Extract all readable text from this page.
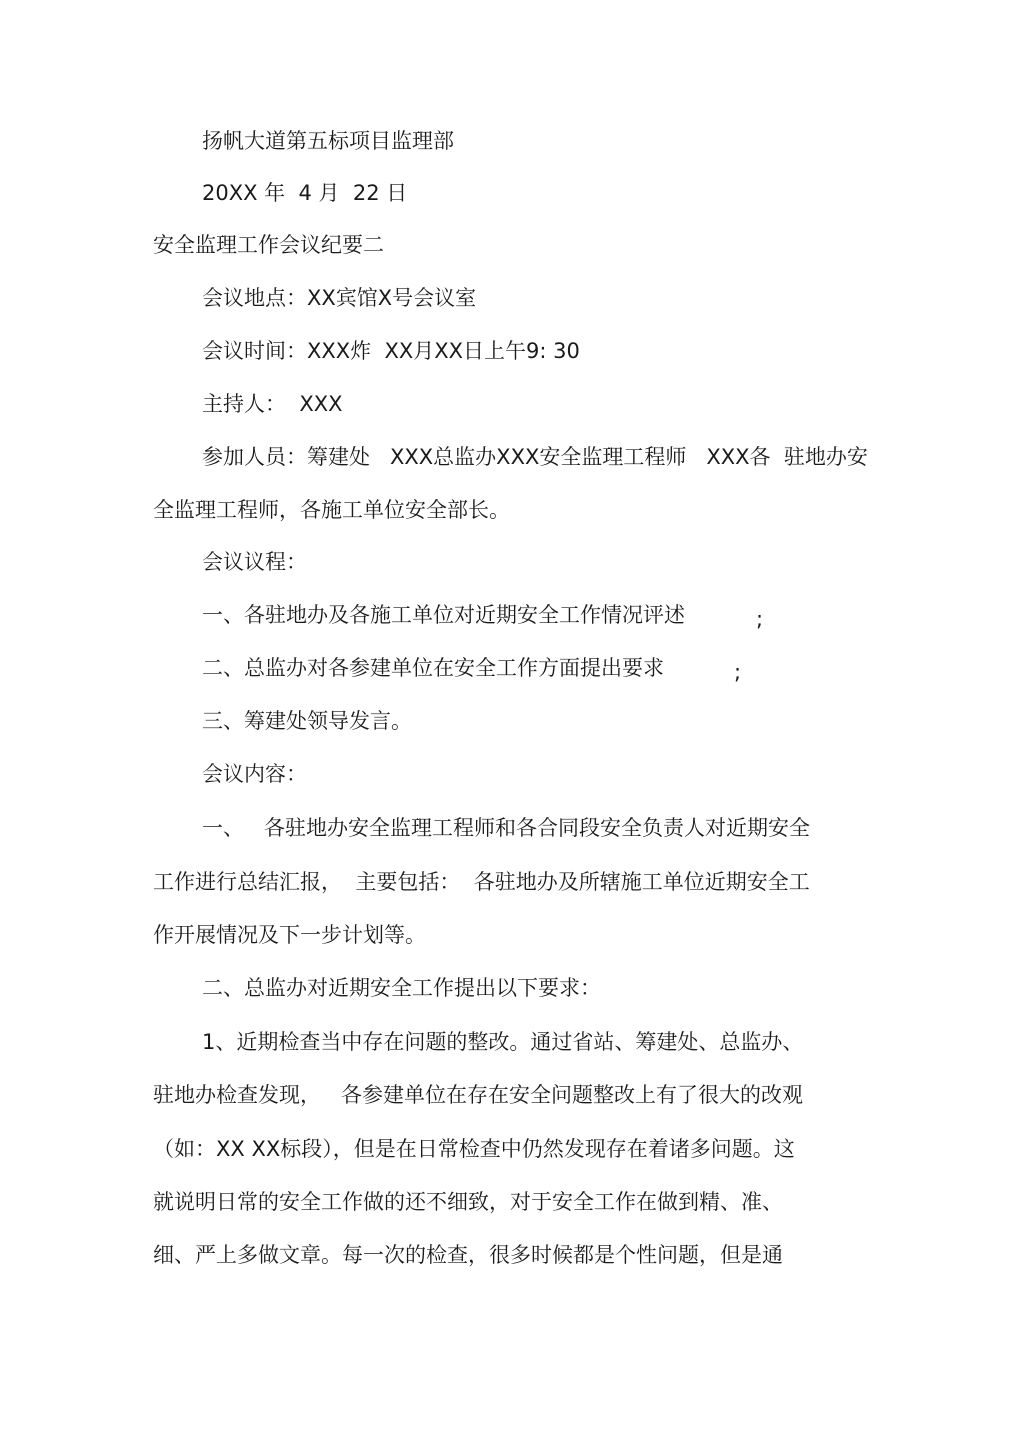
扬帆大道第五标项目监理部
20XX 年  4 月  22 日
安全监理工作会议纪要二
会议地点：XX宾馆X号会议室
会议时间：XXX炸  XX月XX日上午9: 30
主持人：  XXX
参加人员：筹建处   XXX总监办XXX安全监理工程师   XXX各  驻地办安
全监理工程师，各施工单位安全部长。
会议议程：
一、各驻地办及各施工单位对近期安全工作情况评述	;
二、总监办对各参建单位在安全工作方面提出要求	;
三、筹建处领导发言。
会议内容：
一、   各驻地办安全监理工程师和各合同段安全负责人对近期安全
工作进行总结汇报，  主要包括：  各驻地办及所辖施工单位近期安全工
作开展情况及下一步计划等。
二、总监办对近期安全工作提出以下要求：
1、近期检查当中存在问题的整改。通过省站、筹建处、总监办、
驻地办检查发现，   各参建单位在存在安全问题整改上有了很大的改观
（如：XX XX标段），但是在日常检查中仍然发现存在着诸多问题。这
就说明日常的安全工作做的还不细致，对于安全工作在做到精、准、
细、严上多做文章。每一次的检查，很多时候都是个性问题，但是通
